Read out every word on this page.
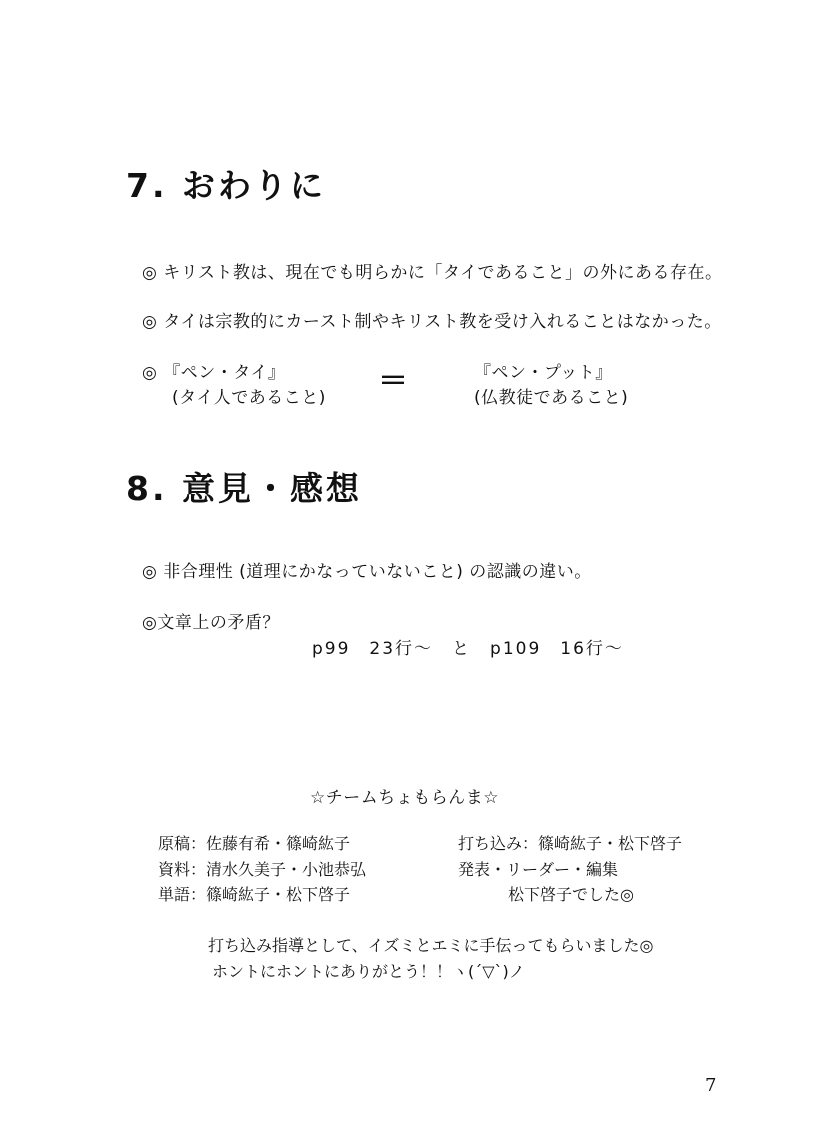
7. おわりに
◎ キリスト教は、現在でも明らかに「タイであること」の外にある存在。
◎ タイは宗教的にカースト制やキリスト教を受け入れることはなかった。
◎ 『ペン・タイ』
(タイ人であること) ＝	『ペン・プット』
(仏教徒であること)
8. 意見・感想
◎ 非合理性 (道理にかなっていないこと) の認識の違い。
◎文章上の矛盾？
p99　23行～　と　p109　16行～
☆チームちょもらんま☆
原稿：佐藤有希・篠崎紘子
資料：清水久美子・小池恭弘
単語：篠崎紘子・松下啓子
打ち込み：篠崎紘子・松下啓子
発表・リーダー・編集
松下啓子でした◎
打ち込み指導として、イズミとエミに手伝ってもらいました◎
ホントにホントにありがとう！！ヽ(´▽`)ノ
7
